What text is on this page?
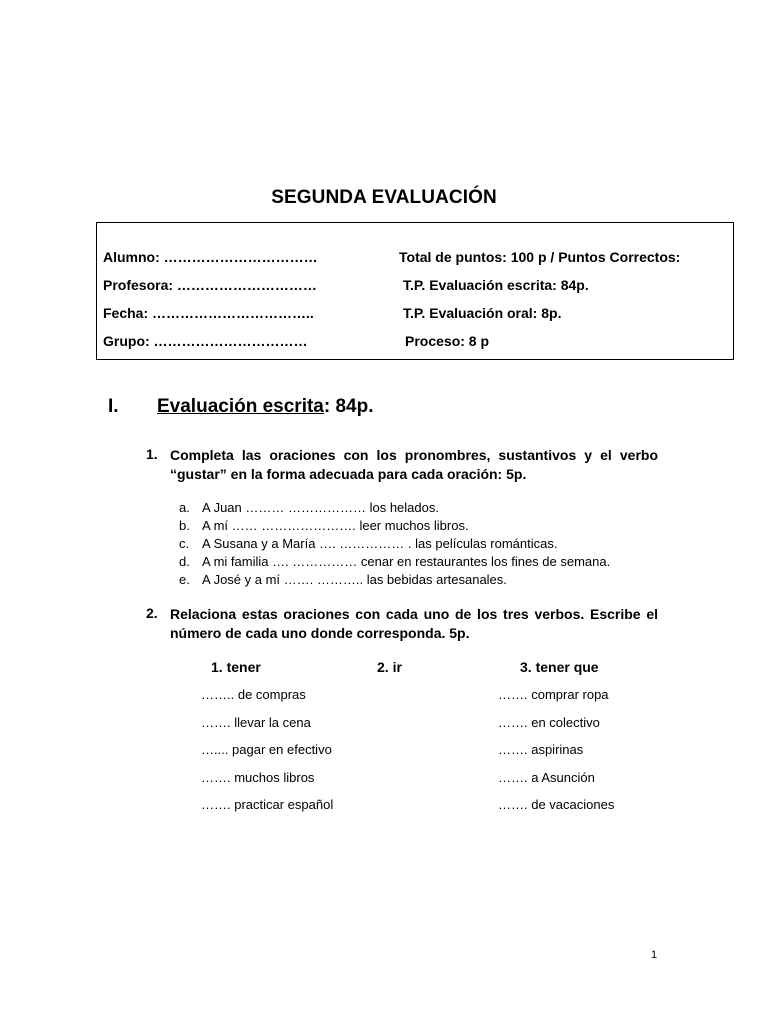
SEGUNDA EVALUACIÓN
Alumno: ……………………………
Profesora: …………………………
Fecha: ……………………………..
Grupo: ……………………………
Total de puntos: 100 p / Puntos Correctos:
T.P. Evaluación escrita: 84p.
T.P. Evaluación oral: 8p.
Proceso: 8 p
I. Evaluación escrita: 84p.
1. Completa las oraciones con los pronombres, sustantivos y el verbo “gustar” en la forma adecuada para cada oración: 5p.
a. A Juan ……… ……………… los helados.
b. A mí …… …………………. leer muchos libros.
c. A Susana y a María …. …………… . las películas románticas.
d. A mi familia …. …………… cenar en restaurantes los fines de semana.
e. A José y a mí ……. ……….. las bebidas artesanales.
2. Relaciona estas oraciones con cada uno de los tres verbos. Escribe el número de cada uno donde corresponda. 5p.
1. tener	2. ir	3. tener que
…….. de compras
……. llevar la cena
….... pagar en efectivo
……. muchos libros
……. practicar español
……. comprar ropa
……. en colectivo
……. aspirinas
……. a Asunción
……. de vacaciones
1
